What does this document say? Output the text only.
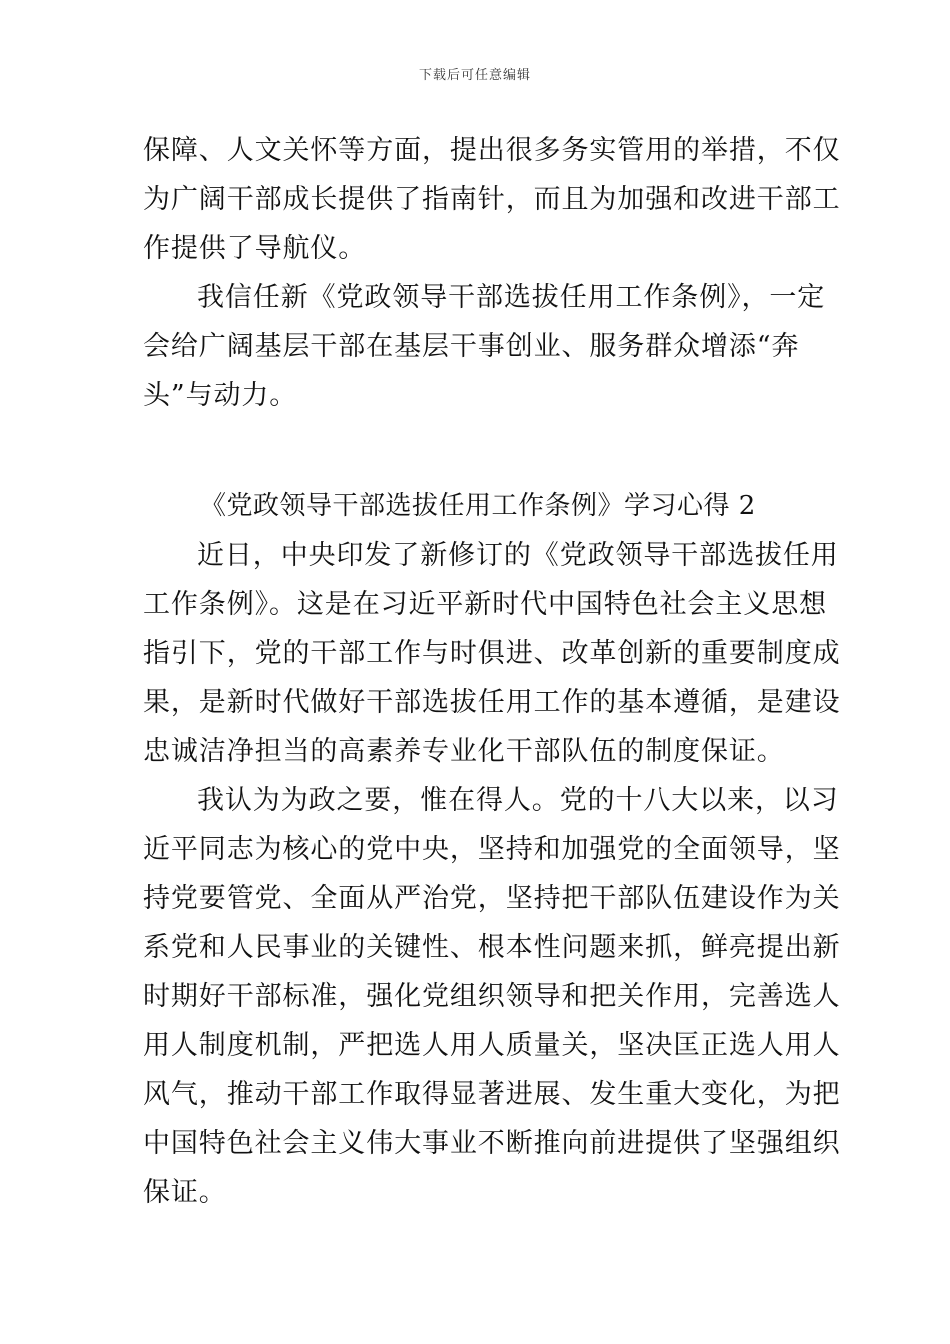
下载后可任意编辑
保障、人文关怀等方面，提出很多务实管用的举措，不仅
为广阔干部成长提供了指南针，而且为加强和改进干部工
作提供了导航仪。
我信任新《党政领导干部选拔任用工作条例》，一定
会给广阔基层干部在基层干事创业、服务群众增添“奔
头”与动力。
《党政领导干部选拔任用工作条例》学习心得 2
近日，中央印发了新修订的《党政领导干部选拔任用
工作条例》。这是在习近平新时代中国特色社会主义思想
指引下，党的干部工作与时俱进、改革创新的重要制度成
果，是新时代做好干部选拔任用工作的基本遵循，是建设
忠诚洁净担当的高素养专业化干部队伍的制度保证。
我认为为政之要，惟在得人。党的十八大以来，以习
近平同志为核心的党中央，坚持和加强党的全面领导，坚
持党要管党、全面从严治党，坚持把干部队伍建设作为关
系党和人民事业的关键性、根本性问题来抓，鲜亮提出新
时期好干部标准，强化党组织领导和把关作用，完善选人
用人制度机制，严把选人用人质量关，坚决匡正选人用人
风气，推动干部工作取得显著进展、发生重大变化，为把
中国特色社会主义伟大事业不断推向前进提供了坚强组织
保证。
